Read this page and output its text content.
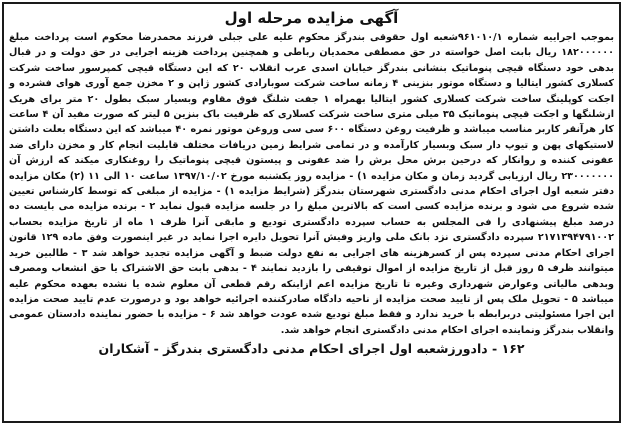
آگهی مزایده مرحله اول

بموجب اجراییه شماره ۹۶۱۰۱۰/۱شعبه اول حقوقی بندرگز محکوم علیه علی جبلی فرزند محمدرضا محکوم است پرداخت مبلغ ۱۸۲۰۰۰۰۰۰ ریال بابت اصل خواسته در حق مصطفی محمدیان رباطی و همچنین پرداخت هزینه اجرایی در حق دولت و در قبال بدهی خود دستگاه قیچی پنوماتیک بنشانی بندرگز خیابان اسدی عرب انقلاب ۲۰ که این دستگاه قیچی کمپرسور ساخت شرکت کسلاری کشور ایتالیا و دستگاه موتور بنزینی ۴ زمانه ساخت شرکت سوبارادی کشور ژاپن و ۲ مخزن جمع آوری هوای فشرده و اجکت کوپلینگ ساخت شرکت کسلاری کشور ایتالیا بهمراه ۱ جفت شلنگ فوق مقاوم وبسیار سبک بطول ۲۰ متر برای هریک ازشلنگها و اجکت قیچی پنوماتیک ۳۵ میلی متری ساخت شرکت کسلاری که ظرفیت باک بنزین ۵ لیتر که صورت مفید آن ۴ ساعت کار هرآنقر کاربر مناسب میباشد و ظرفیت روغن دستگاه ۶۰۰ سی سی وروغن موتور نمره ۴۰ میباشد که این دستگاه بعلت داشتن لاستیکهای پهن و تیوپ دار سبک وبسیار کارآمده و در تمامی شرایط زمین دریافات مختلف قابلیت انجام کار و مخزن دارای ضد عفونی کننده و روانکار که درحین برش محل برش را ضد عفونی و پیستون قیچی پنوماتیک را روغنکاری میکند که ارزش آن ۲۳۰۰۰۰۰۰۰ ریال ارزیابی گردید زمان و مکان مزایده ۱) - مزایده روز یکشنبه مورخ ۱۳۹۷/۱۰/۰۲ ساعت ۱۰ الی ۱۱ (۲) مکان مزایده دفتر شعبه اول اجرای احکام مدنی دادگستری شهرستان بندرگز (شرایط مزایده ۱) - مزایده از مبلغی که توسط کارشناس تعیین شده شروع می شود و برنده مزایده کسی است که بالاترین مبلغ را در جلسه مزایده قبول نماید ۲ - برنده مزایده می بایست ده درصد مبلغ پیشنهادی را فی المجلس به حساب سپرده دادگستری تودیع و مابقی آنرا ظرف ۱ ماه از تاریخ مزایده بحساب ۲۱۷۱۳۹۴۷۹۱۰۰۲ سپرده دادگستری نزد بانک ملی واریز وفیش آنرا تحویل دایره اجرا نماید در غیر اینصورت وفق ماده ۱۲۹ قانون اجرای احکام مدنی سپرده پس از کسرهزینه های اجرایی به نفع دولت ضبط و آگهی مزایده تجدید خواهد شد ۳ - طالبین خرید میتوانند ظرف ۵ روز قبل از تاریخ مزایده از اموال توقیفی را بازدید نمایند ۴ - بدهی بابت حق الاشتراک یا حق انشعاب ومصرف وبدهی مالیاتی وعوارض شهرداری وغیره تا تاریخ مزایده اعم ازاینکه رقم قطعی آن معلوم شده یا نشده بعهده محکوم علیه میباشد ۵ - تحویل ملک پس از تایید صحت مزایده از ناحیه دادگاه صادرکننده اجرائیه خواهد بود و درصورت عدم تایید صحت مزایده این اجرا مسئولیتی دربرابطه با خرید ندارد و فقط مبلغ تودیع شده عودت خواهد شد ۶ - مزایده با حضور نماینده دادستان عمومی وانقلاب بندرگز ونماینده اجرای احکام مدنی دادگستری انجام خواهد شد.

۱۶۲ - دادورزشعبه اول اجرای احکام مدنی دادگستری بندرگز - آشکاران
